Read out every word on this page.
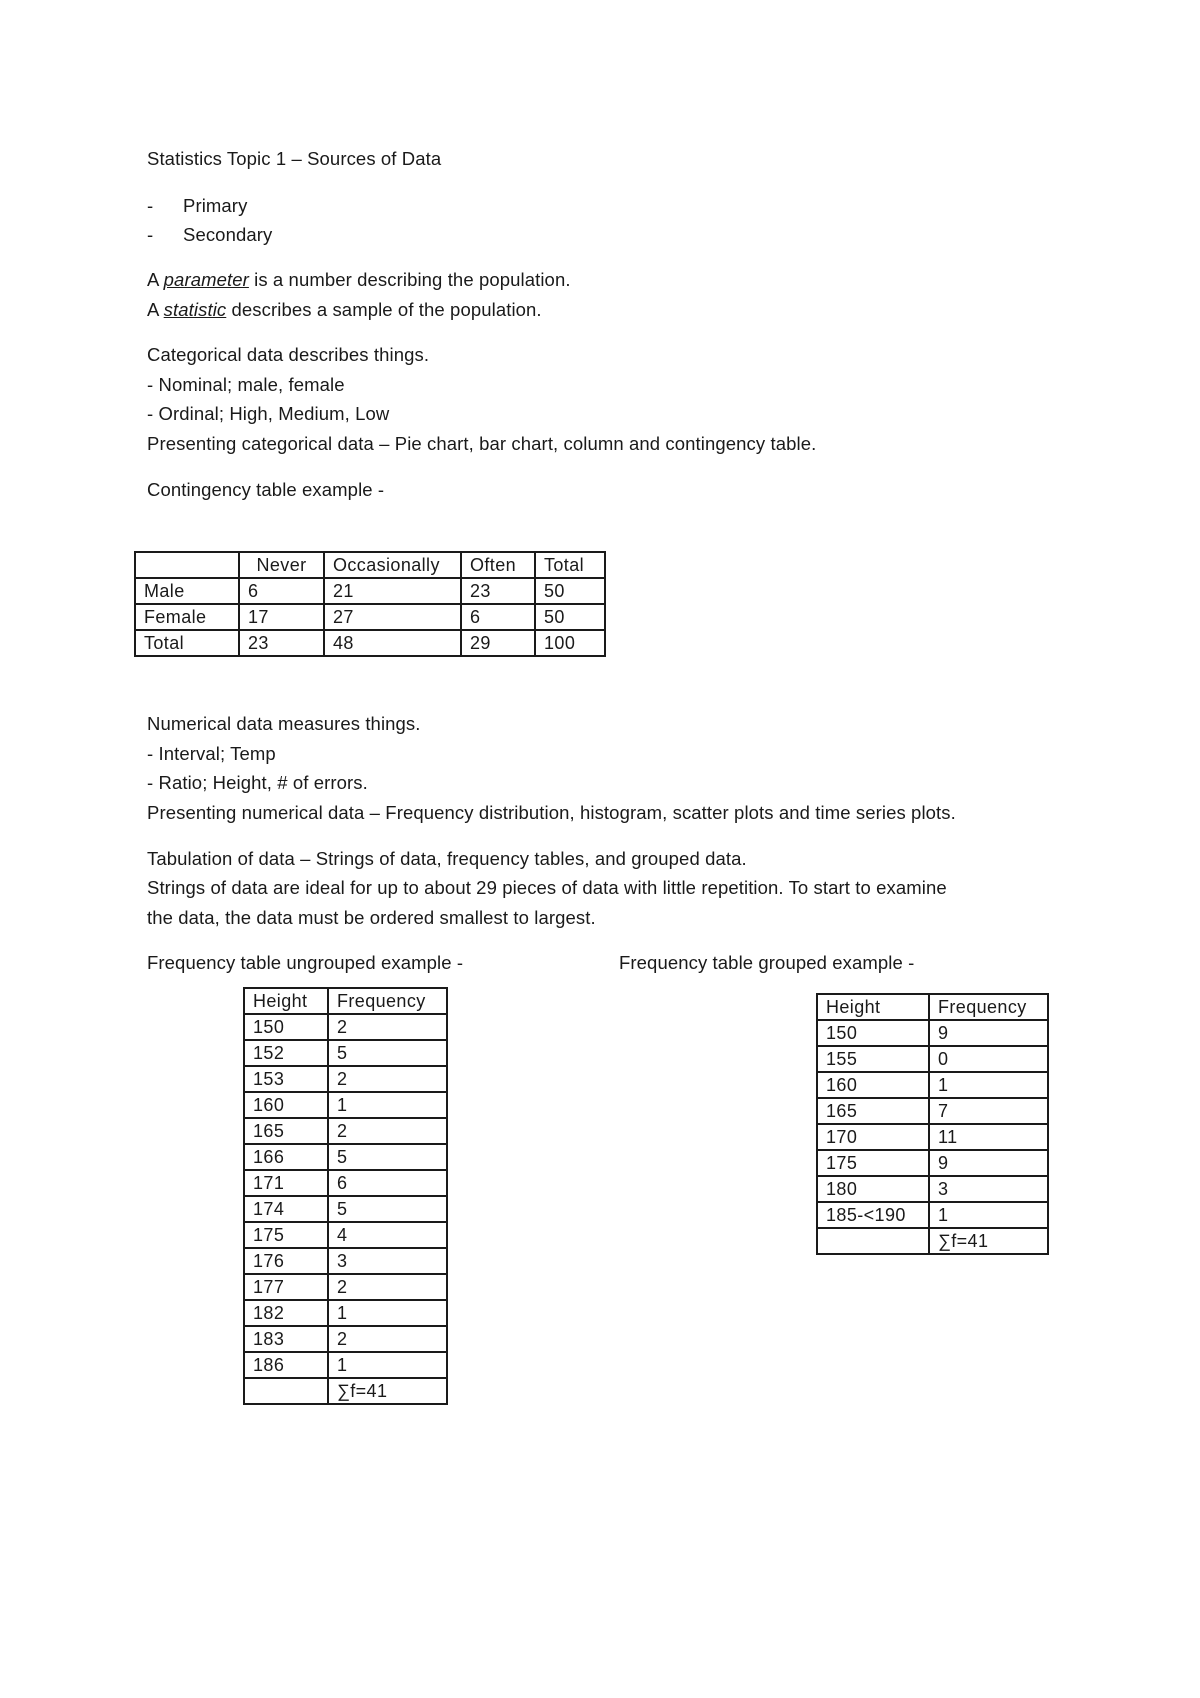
Statistics Topic 1 – Sources of Data
- Primary
- Secondary
A parameter is a number describing the population.
A statistic describes a sample of the population.
Categorical data describes things.
- Nominal; male, female
- Ordinal; High, Medium, Low
Presenting categorical data – Pie chart, bar chart, column and contingency table.
Contingency table example -
	Never	Occasionally	Often	Total
Male	6	21	23	50
Female	17	27	6	50
Total	23	48	29	100
Numerical data measures things.
- Interval; Temp
- Ratio; Height, # of errors.
Presenting numerical data – Frequency distribution, histogram, scatter plots and time series plots.
Tabulation of data – Strings of data, frequency tables, and grouped data.
Strings of data are ideal for up to about 29 pieces of data with little repetition. To start to examine
the data, the data must be ordered smallest to largest.
Frequency table ungrouped example -	Frequency table grouped example -
Height	Frequency
150	2
152	5
153	2
160	1
165	2
166	5
171	6
174	5
175	4
176	3
177	2
182	1
183	2
186	1
	∑f=41
Height	Frequency
150	9
155	0
160	1
165	7
170	11
175	9
180	3
185-<190	1
	∑f=41
